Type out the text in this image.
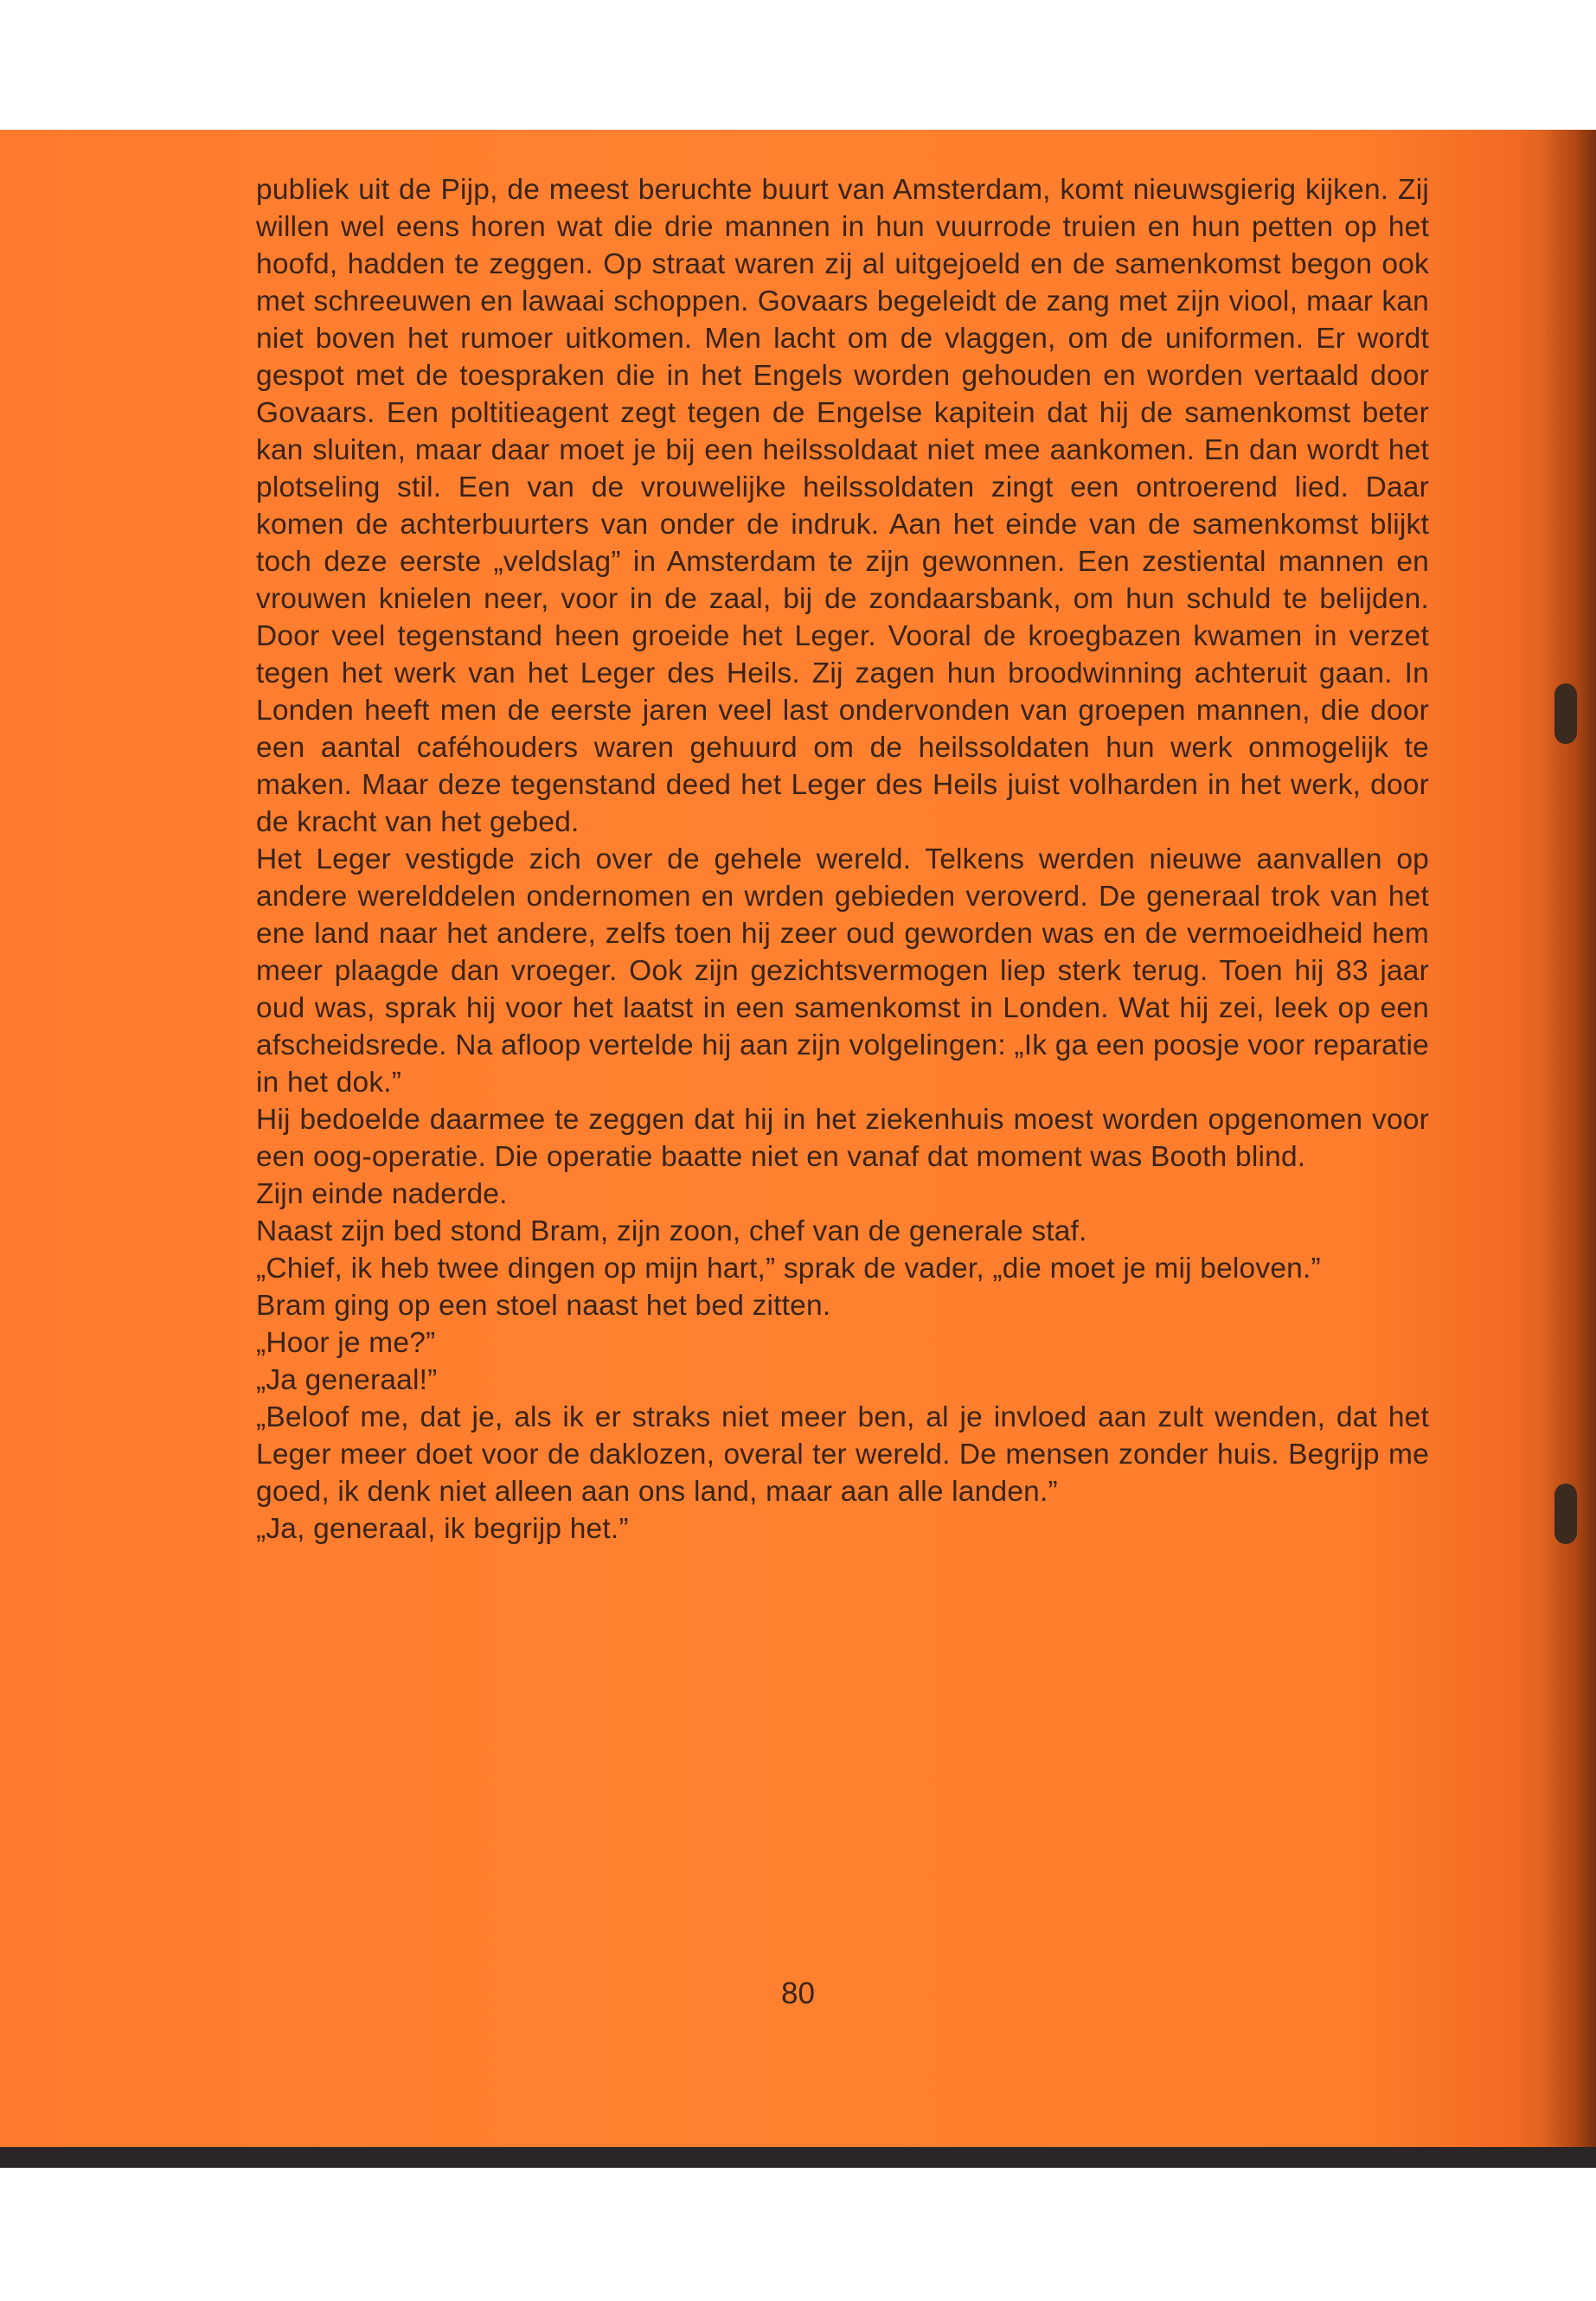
publiek uit de Pijp, de meest beruchte buurt van Amsterdam, komt nieuwsgierig kijken. Zij willen wel eens horen wat die drie mannen in hun vuurrode truien en hun petten op het hoofd, hadden te zeggen. Op straat waren zij al uitgejoeld en de samenkomst begon ook met schreeuwen en lawaai schoppen. Govaars begeleidt de zang met zijn viool, maar kan niet boven het rumoer uitkomen. Men lacht om de vlaggen, om de uniformen. Er wordt gespot met de toespraken die in het Engels worden gehouden en worden vertaald door Govaars. Een poltitieagent zegt tegen de Engelse kapitein dat hij de samenkomst beter kan sluiten, maar daar moet je bij een heilssoldaat niet mee aankomen. En dan wordt het plotseling stil. Een van de vrouwelijke heilssoldaten zingt een ontroerend lied. Daar komen de achterbuurters van onder de indruk. Aan het einde van de samenkomst blijkt toch deze eerste „veldslag” in Amsterdam te zijn gewonnen. Een zestiental mannen en vrouwen knielen neer, voor in de zaal, bij de zondaarsbank, om hun schuld te belijden. Door veel tegenstand heen groeide het Leger. Vooral de kroegbazen kwamen in verzet tegen het werk van het Leger des Heils. Zij zagen hun broodwinning achteruit gaan. In Londen heeft men de eerste jaren veel last ondervonden van groepen mannen, die door een aantal caféhouders waren gehuurd om de heilssoldaten hun werk onmogelijk te maken. Maar deze tegenstand deed het Leger des Heils juist volharden in het werk, door de kracht van het gebed.

Het Leger vestigde zich over de gehele wereld. Telkens werden nieuwe aanvallen op andere werelddelen ondernomen en wrden gebieden veroverd. De generaal trok van het ene land naar het andere, zelfs toen hij zeer oud geworden was en de vermoeidheid hem meer plaagde dan vroeger. Ook zijn gezichtsvermogen liep sterk terug. Toen hij 83 jaar oud was, sprak hij voor het laatst in een samenkomst in Londen. Wat hij zei, leek op een afscheidsrede. Na afloop vertelde hij aan zijn volgelingen: „Ik ga een poosje voor reparatie in het dok.”

Hij bedoelde daarmee te zeggen dat hij in het ziekenhuis moest worden opgenomen voor een oog-operatie. Die operatie baatte niet en vanaf dat moment was Booth blind.

Zijn einde naderde.

Naast zijn bed stond Bram, zijn zoon, chef van de generale staf.

„Chief, ik heb twee dingen op mijn hart,” sprak de vader, „die moet je mij beloven.”

Bram ging op een stoel naast het bed zitten.

„Hoor je me?”

„Ja generaal!”

„Beloof me, dat je, als ik er straks niet meer ben, al je invloed aan zult wenden, dat het Leger meer doet voor de daklozen, overal ter wereld. De mensen zonder huis. Begrijp me goed, ik denk niet alleen aan ons land, maar aan alle landen.”

„Ja, generaal, ik begrijp het.”

80
